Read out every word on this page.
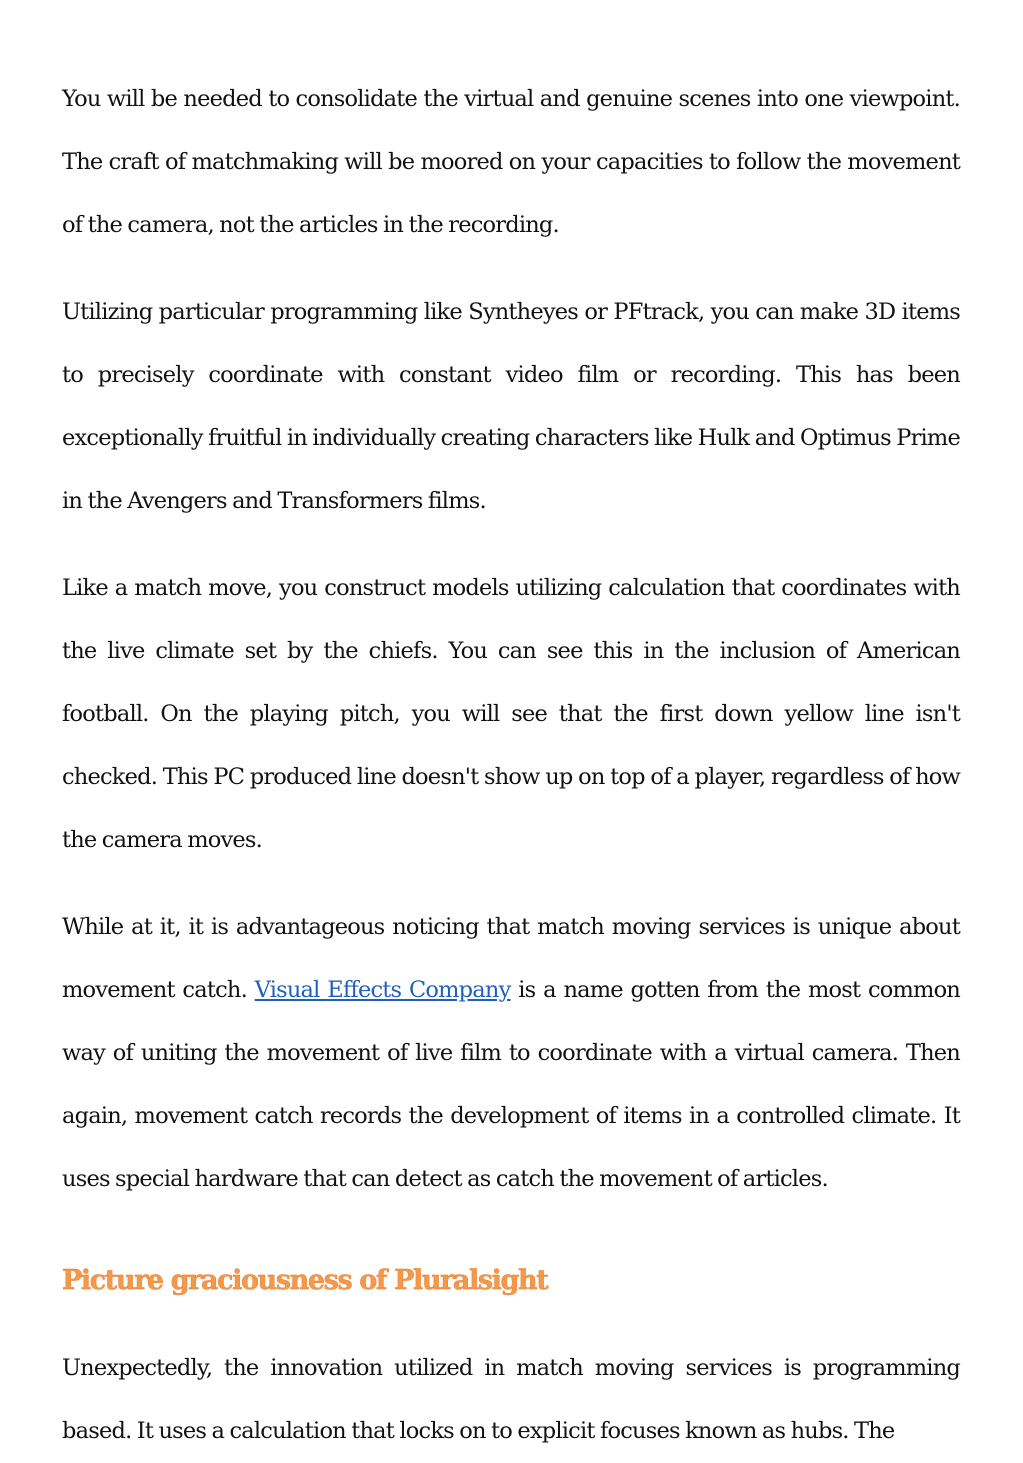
You will be needed to consolidate the virtual and genuine scenes into one viewpoint. The craft of matchmaking will be moored on your capacities to follow the movement of the camera, not the articles in the recording.

Utilizing particular programming like Syntheyes or PFtrack, you can make 3D items to precisely coordinate with constant video film or recording. This has been exceptionally fruitful in individually creating characters like Hulk and Optimus Prime in the Avengers and Transformers films.

Like a match move, you construct models utilizing calculation that coordinates with the live climate set by the chiefs. You can see this in the inclusion of American football. On the playing pitch, you will see that the first down yellow line isn't checked. This PC produced line doesn't show up on top of a player, regardless of how the camera moves.

While at it, it is advantageous noticing that match moving services is unique about movement catch. Visual Effects Company is a name gotten from the most common way of uniting the movement of live film to coordinate with a virtual camera. Then again, movement catch records the development of items in a controlled climate. It uses special hardware that can detect as catch the movement of articles.

Picture graciousness of Pluralsight

Unexpectedly, the innovation utilized in match moving services is programming based. It uses a calculation that locks on to explicit focuses known as hubs. The
